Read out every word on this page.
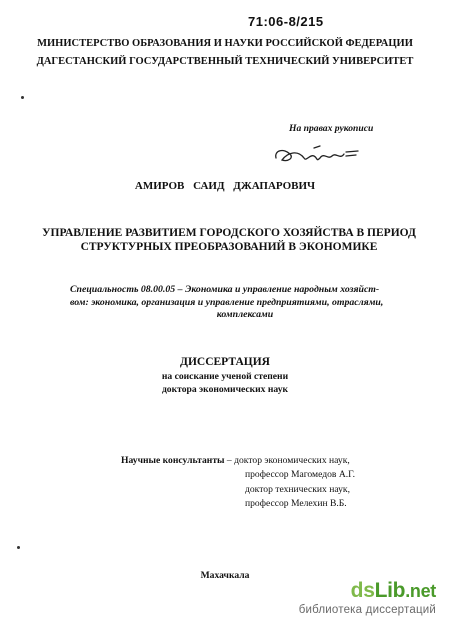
71:06-8/215
МИНИСТЕРСТВО ОБРАЗОВАНИЯ И НАУКИ РОССИЙСКОЙ ФЕДЕРАЦИИ
ДАГЕСТАНСКИЙ ГОСУДАРСТВЕННЫЙ ТЕХНИЧЕСКИЙ УНИВЕРСИТЕТ
На правах рукописи
АМИРОВ САИД ДЖАПАРОВИЧ
УПРАВЛЕНИЕ РАЗВИТИЕМ ГОРОДСКОГО ХОЗЯЙСТВА В ПЕРИОД
СТРУКТУРНЫХ ПРЕОБРАЗОВАНИЙ В ЭКОНОМИКЕ
Специальность 08.00.05 – Экономика и управление народным хозяйст-
вом: экономика, организация и управление предприятиями, отраслями,
комплексами
ДИССЕРТАЦИЯ
на соискание ученой степени
доктора экономических наук
Научные консультанты – доктор экономических наук,
профессор Магомедов А.Г.
доктор технических наук,
профессор Мелехин В.Б.
Махачкала
dsLib.net
библиотека диссертаций
